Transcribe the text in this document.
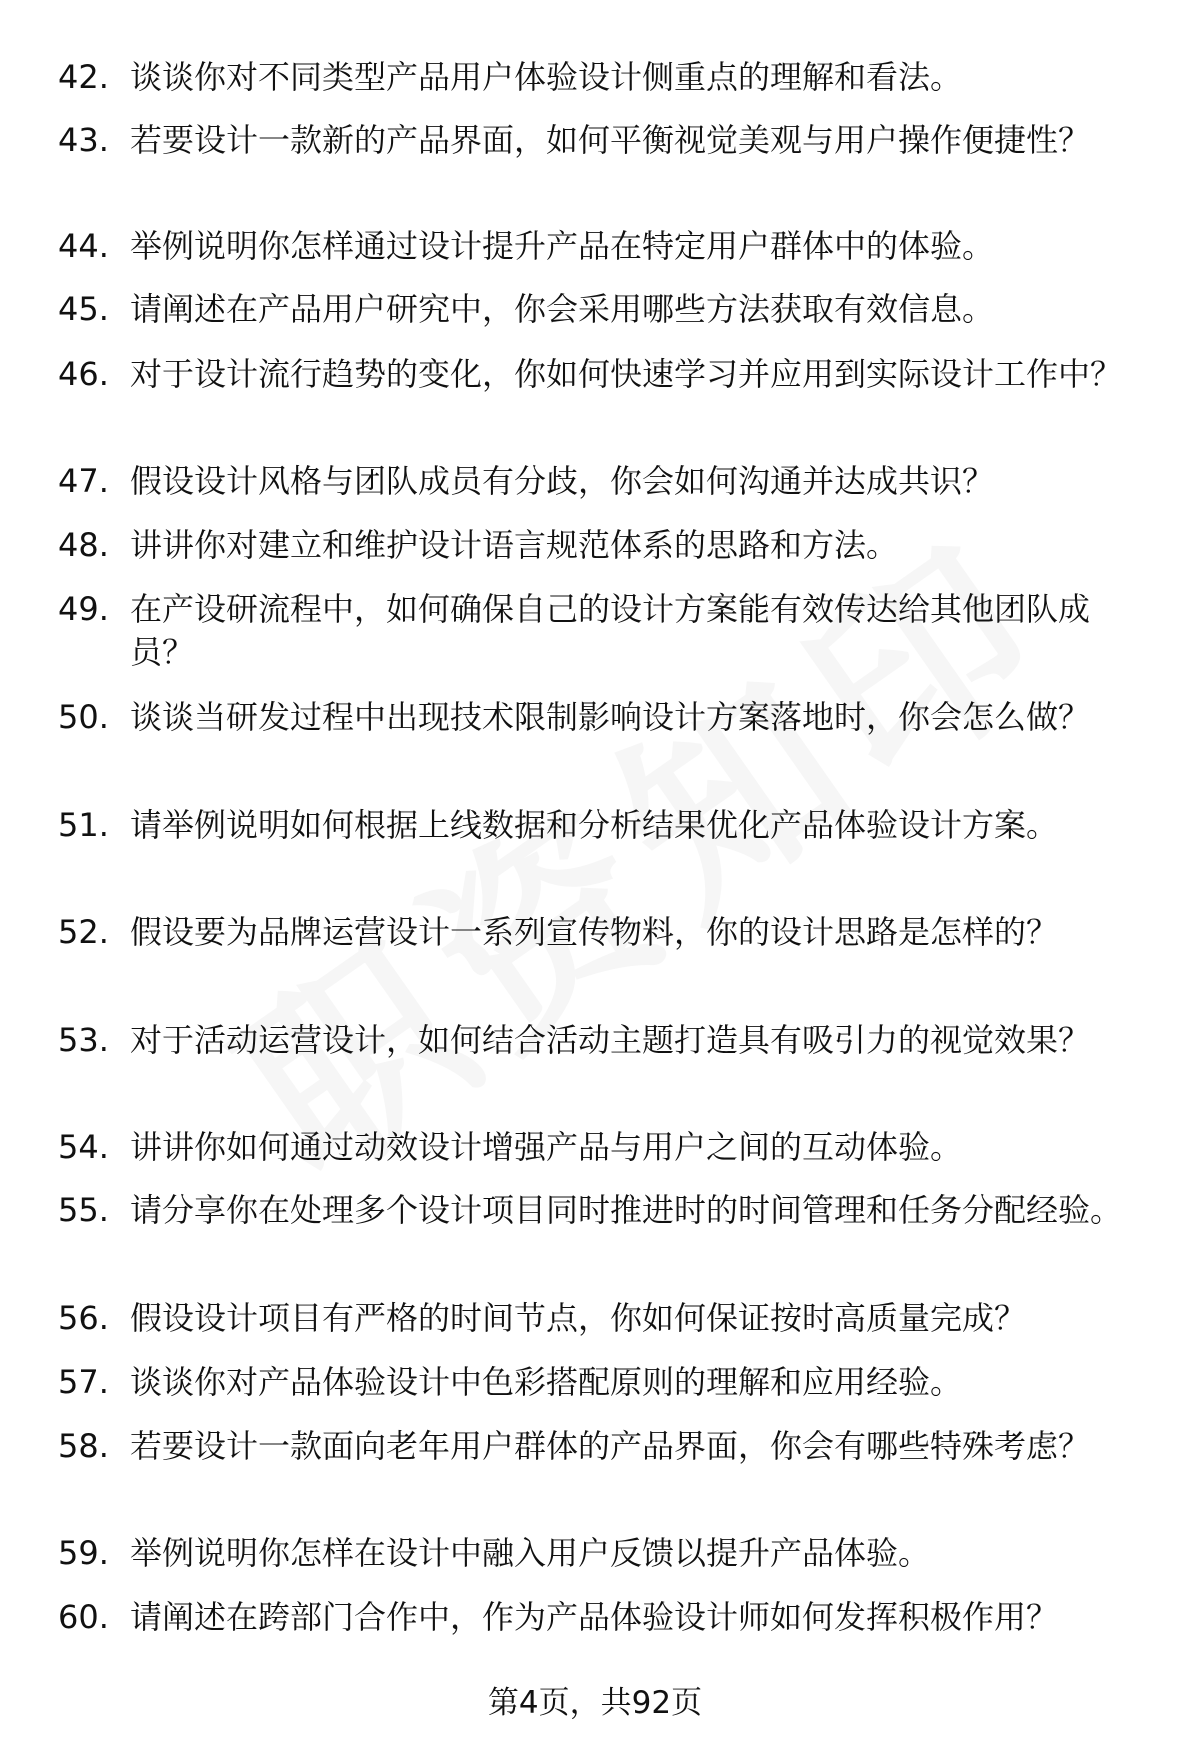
42. 谈谈你对不同类型产品用户体验设计侧重点的理解和看法。
43. 若要设计一款新的产品界面，如何平衡视觉美观与用户操作便捷性？
44. 举例说明你怎样通过设计提升产品在特定用户群体中的体验。
45. 请阐述在产品用户研究中，你会采用哪些方法获取有效信息。
46. 对于设计流行趋势的变化，你如何快速学习并应用到实际设计工作中？
47. 假设设计风格与团队成员有分歧，你会如何沟通并达成共识？
48. 讲讲你对建立和维护设计语言规范体系的思路和方法。
49. 在产设研流程中，如何确保自己的设计方案能有效传达给其他团队成员？
50. 谈谈当研发过程中出现技术限制影响设计方案落地时，你会怎么做？
51. 请举例说明如何根据上线数据和分析结果优化产品体验设计方案。
52. 假设要为品牌运营设计一系列宣传物料，你的设计思路是怎样的？
53. 对于活动运营设计，如何结合活动主题打造具有吸引力的视觉效果？
54. 讲讲你如何通过动效设计增强产品与用户之间的互动体验。
55. 请分享你在处理多个设计项目同时推进时的时间管理和任务分配经验。
56. 假设设计项目有严格的时间节点，你如何保证按时高质量完成？
57. 谈谈你对产品体验设计中色彩搭配原则的理解和应用经验。
58. 若要设计一款面向老年用户群体的产品界面，你会有哪些特殊考虑？
59. 举例说明你怎样在设计中融入用户反馈以提升产品体验。
60. 请阐述在跨部门合作中，作为产品体验设计师如何发挥积极作用？
第4页，共92页
